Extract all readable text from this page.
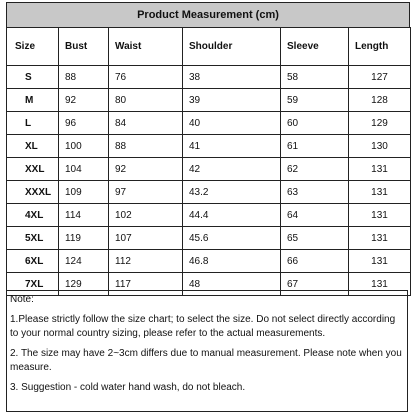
Product Measurement (cm)
Size	Bust	Waist	Shoulder	Sleeve	Length
S	88	76	38	58	127
M	92	80	39	59	128
L	96	84	40	60	129
XL	100	88	41	61	130
XXL	104	92	42	62	131
XXXL	109	97	43.2	63	131
4XL	114	102	44.4	64	131
5XL	119	107	45.6	65	131
6XL	124	112	46.8	66	131
7XL	129	117	48	67	131

Note:

1.Please strictly follow the size chart; to select the size. Do not select directly according to your normal country sizing, please refer to the actual measurements.

2. The size may have 2~3cm differs due to manual measurement. Please note when you measure.

3. Suggestion - cold water hand wash, do not bleach.
